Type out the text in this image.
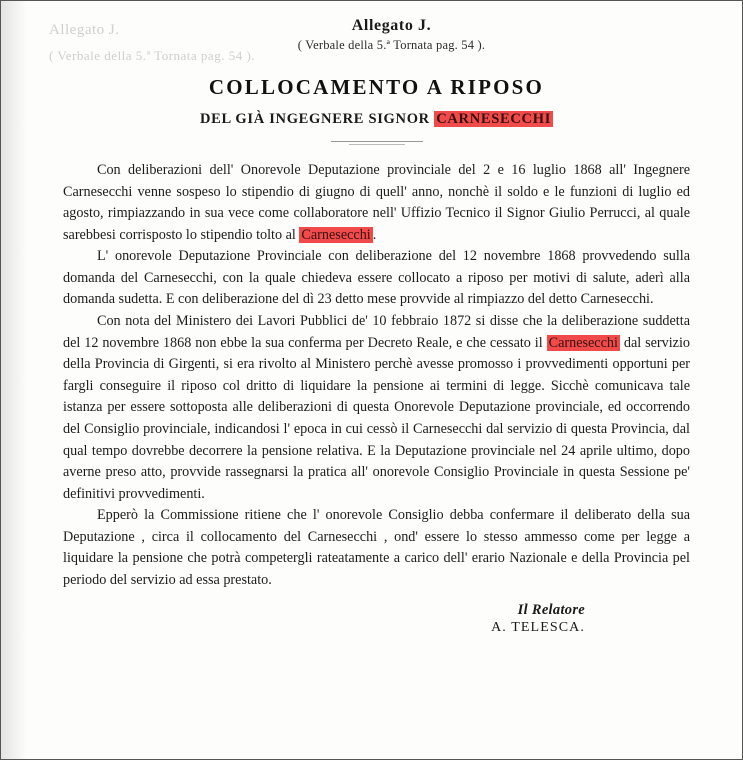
Allegato J.
( Verbale della 5.ª Tornata pag. 54 ).
Allegato J.
( Verbale della 5.ª Tornata pag. 54 ).
COLLOCAMENTO A RIPOSO
DEL GIÀ INGEGNERE SIGNOR CARNESECCHI

Con deliberazioni dell' Onorevole Deputazione provinciale del 2 e 16 luglio 1868 all' Ingegnere Carnesecchi venne sospeso lo stipendio di giugno di quell' anno, nonchè il soldo e le funzioni di luglio ed agosto, rimpiazzando in sua vece come collaboratore nell' Uffizio Tecnico il Signor Giulio Perrucci, al quale sarebbesi corrisposto lo stipendio tolto al Carnesecchi .

L' onorevole Deputazione Provinciale con deliberazione del 12 novembre 1868 provvedendo sulla domanda del Carnesecchi, con la quale chiedeva essere collocato a riposo per motivi di salute, aderì alla domanda sudetta. E con deliberazione del dì 23 detto mese provvide al rimpiazzo del detto Carnesecchi.

Con nota del Ministero dei Lavori Pubblici de' 10 febbraio 1872 si disse che la deliberazione suddetta del 12 novembre 1868 non ebbe la sua conferma per Decreto Reale, e che cessato il Carnesecchi dal servizio della Provincia di Girgenti, si era rivolto al Ministero perchè avesse promosso i provvedimenti opportuni per fargli conseguire il riposo col dritto di liquidare la pensione ai termini di legge. Sicchè comunicava tale istanza per essere sottoposta alle deliberazioni di questa Onorevole Deputazione provinciale, ed occorrendo del Consiglio provinciale, indicandosi l' epoca in cui cessò il Carnesecchi dal servizio di questa Provincia, dal qual tempo dovrebbe decorrere la pensione relativa. E la Deputazione provinciale nel 24 aprile ultimo, dopo averne preso atto, provvide rassegnarsi la pratica all' onorevole Consiglio Provinciale in questa Sessione pe' definitivi provvedimenti.

Epperò la Commissione ritiene che l' onorevole Consiglio debba confermare il deliberato della sua Deputazione , circa il collocamento del Carnesecchi , ond' essere lo stesso ammesso come per legge a liquidare la pensione che potrà competergli rateatamente a carico dell' erario Nazionale e della Provincia pel periodo del servizio ad essa prestato.

Il Relatore
A. TELESCA.
